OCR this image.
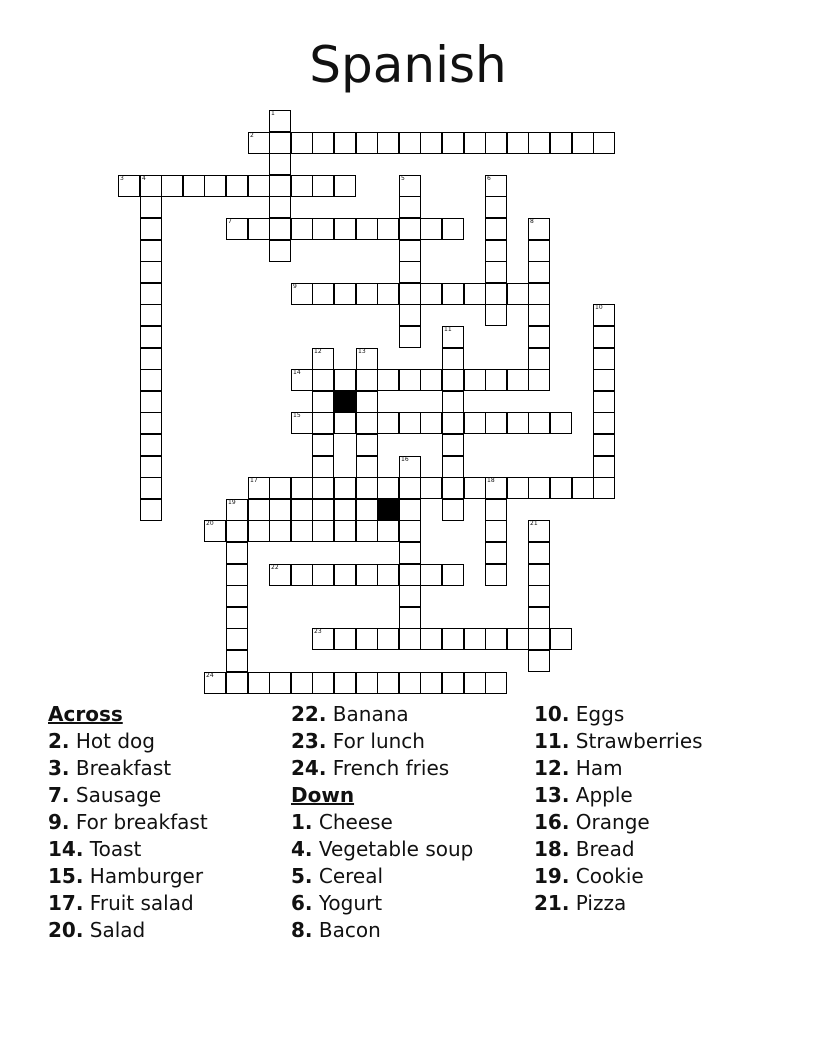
Spanish
1
2
3	4	5	6
7	8
9
10
11
12	13
14
15
16
17	18
19
20	21
22
23
24
Across
2. Hot dog
3. Breakfast
7. Sausage
9. For breakfast
14. Toast
15. Hamburger
17. Fruit salad
20. Salad
22. Banana
23. For lunch
24. French fries
Down
1. Cheese
4. Vegetable soup
5. Cereal
6. Yogurt
8. Bacon
10. Eggs
11. Strawberries
12. Ham
13. Apple
16. Orange
18. Bread
19. Cookie
21. Pizza
